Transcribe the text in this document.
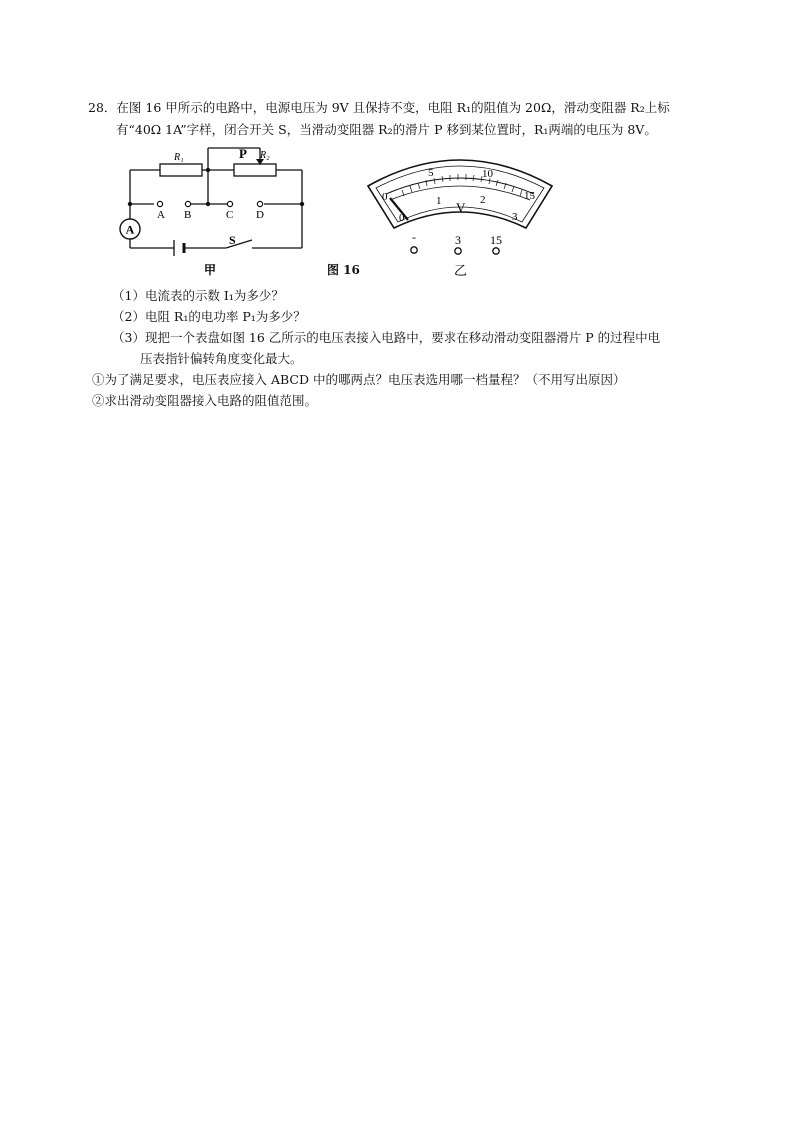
28．在图 16 甲所示的电路中，电源电压为 9V 且保持不变，电阻 R₁的阻值为 20Ω，滑动变阻器 R₂上标
有“40Ω 1A”字样，闭合开关 S，当滑动变阻器 R₂的滑片 P 移到某位置时，R₁两端的电压为 8V。
A
R₁	R₂
P
S
A B	C D
甲	图 16
0
5	10
15
0
1	2
3
V
-	3 15
乙
（1）电流表的示数 I₁为多少？
（2）电阻 R₁的电功率 P₁为多少？
（3）现把一个表盘如图 16 乙所示的电压表接入电路中，要求在移动滑动变阻器滑片 P 的过程中电
压表指针偏转角度变化最大。
①为了满足要求，电压表应接入 ABCD 中的哪两点？电压表选用哪一档量程？（不用写出原因）
②求出滑动变阻器接入电路的阻值范围。
